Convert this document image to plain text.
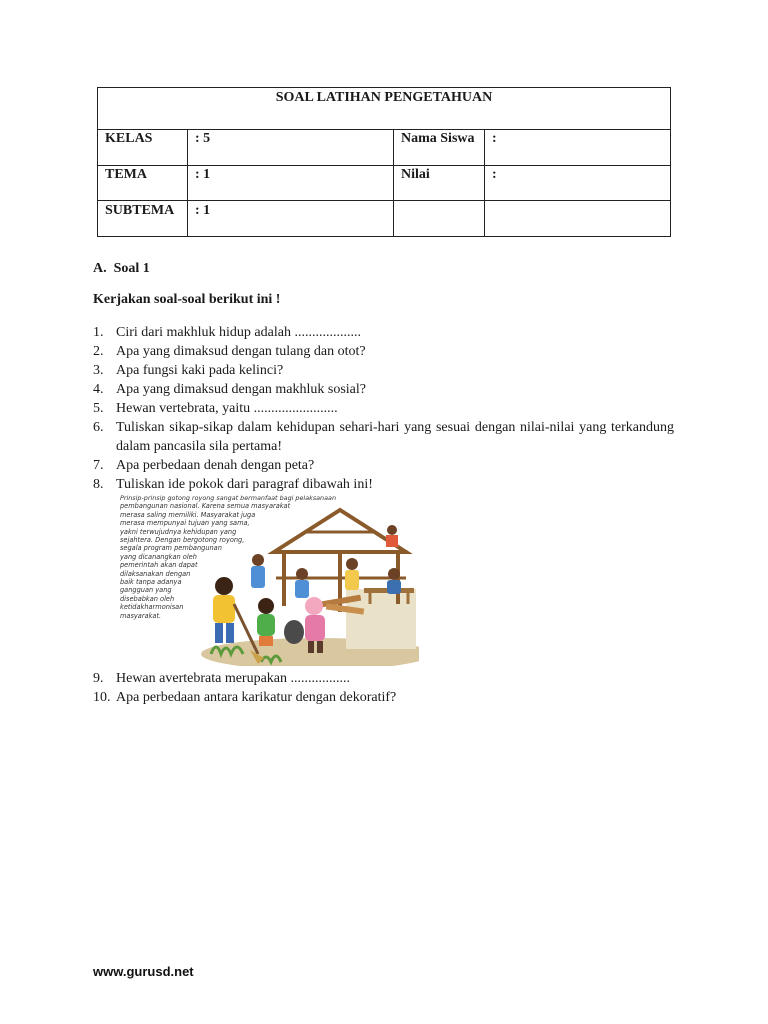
SOAL LATIHAN PENGETAHUAN			
KELAS	: 5	Nama Siswa	:
TEMA	: 1	Nilai	:
SUBTEMA	: 1		
A. Soal 1
Kerjakan soal-soal berikut ini !
1. Ciri dari makhluk hidup adalah ...................
2. Apa yang dimaksud dengan tulang dan otot?
3. Apa fungsi kaki pada kelinci?
4. Apa yang dimaksud dengan makhluk sosial?
5. Hewan vertebrata, yaitu ........................
6. Tuliskan sikap-sikap dalam kehidupan sehari-hari yang sesuai dengan nilai-nilai yang terkandung dalam pancasila sila pertama!
7. Apa perbedaan denah dengan peta?
8. Tuliskan ide pokok dari paragraf dibawah ini!
Prinsip-prinsip gotong royong sangat bermanfaat bagi pelaksanaan
pembangunan nasional. Karena semua masyarakat
merasa saling memiliki. Masyarakat juga
merasa mempunyai tujuan yang sama,
yakni terwujudnya kehidupan yang
sejahtera. Dengan bergotong royong,
segala program pembangunan
yang dicanangkan oleh
pemerintah akan dapat
dilaksanakan dengan
baik tanpa adanya
gangguan yang
disebabkan oleh
ketidakharmonisan
masyarakat.
9. Hewan avertebrata merupakan .................
10. Apa perbedaan antara karikatur dengan dekoratif?
www.gurusd.net
